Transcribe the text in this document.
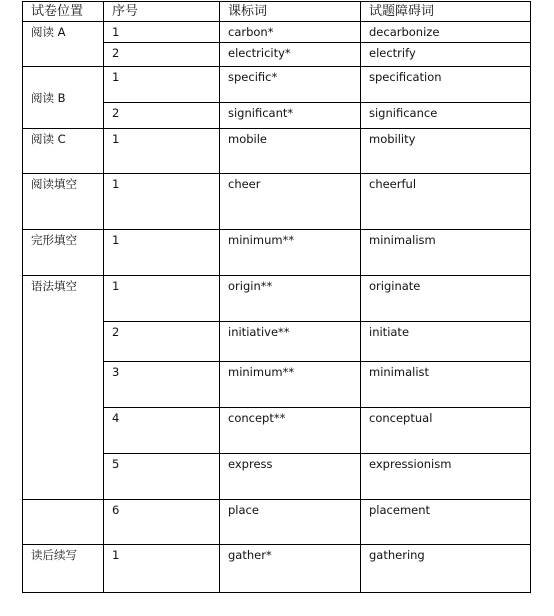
试卷位置	序号	课标词	试题障碍词
阅读 A	1	carbon*	decarbonize
	2	electricity*	electrify
阅读 B	1	specific*	specification
	2	significant*	significance
阅读 C	1	mobile	mobility
阅读填空	1	cheer	cheerful
完形填空	1	minimum**	minimalism
语法填空	1	origin**	originate
	2	initiative**	initiate
	3	minimum**	minimalist
	4	concept**	conceptual
	5	express	expressionism
	6	place	placement
读后续写	1	gather*	gathering
